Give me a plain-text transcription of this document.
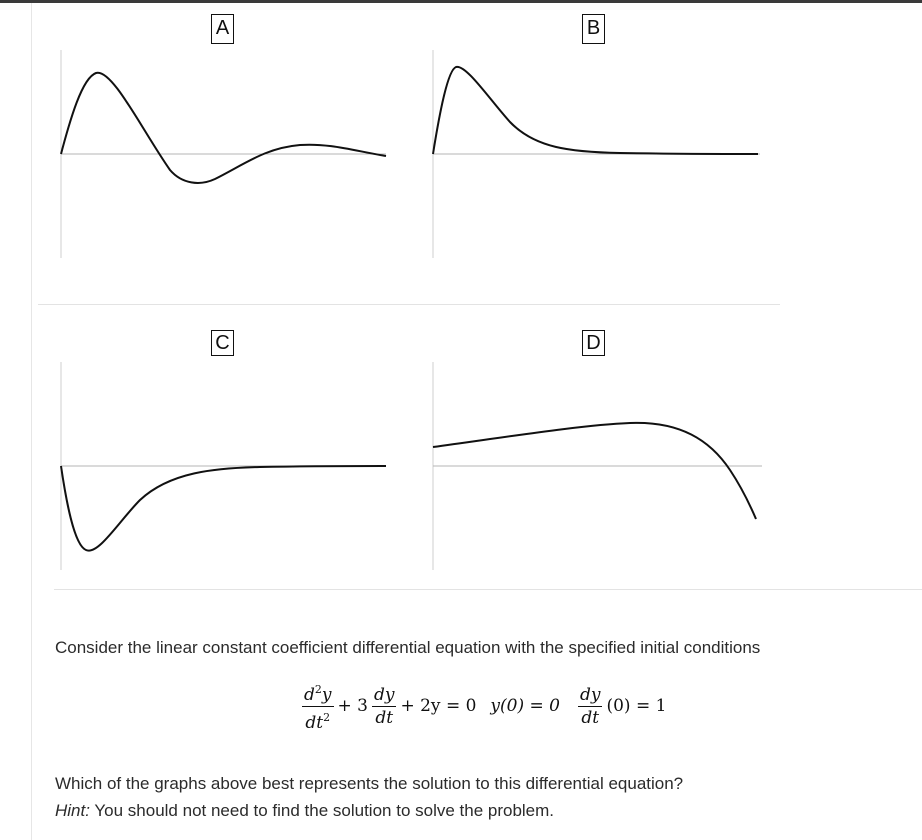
A	B
C	D
Consider the linear constant coefficient differential equation with the specified initial conditions
$\frac{d^2y}{dt^2} + 3 \frac{dy}{dt} + 2y = 0$ $y(0) = 0 \frac{dy}{dt} (0) = 1$
Which of the graphs above best represents the solution to this differential equation?
Hint: You should not need to find the solution to solve the problem.
